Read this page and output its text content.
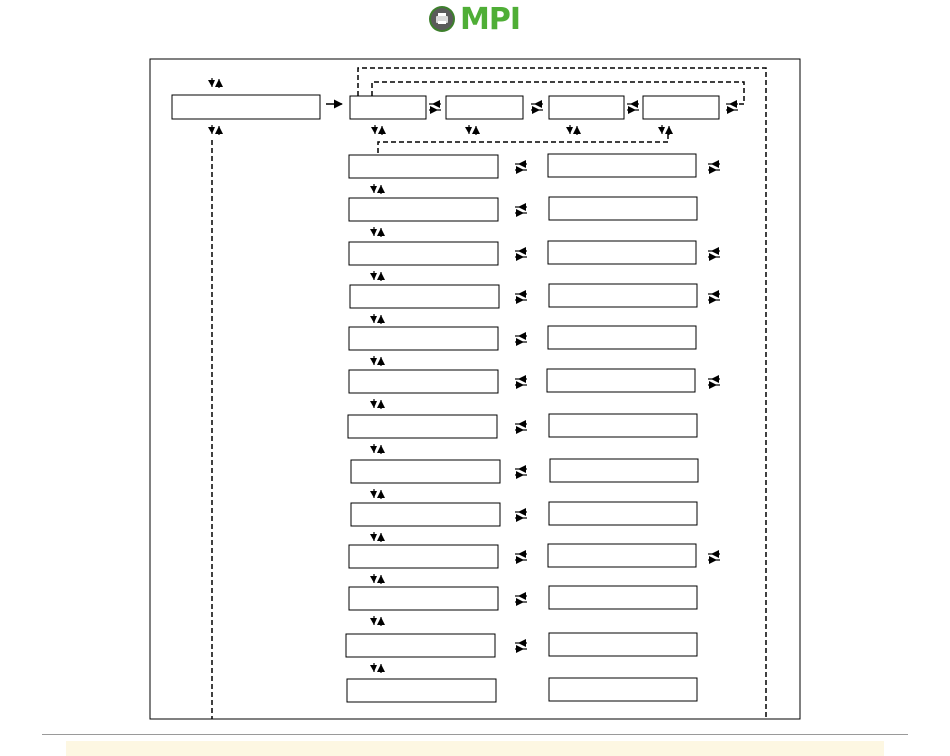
MPI
